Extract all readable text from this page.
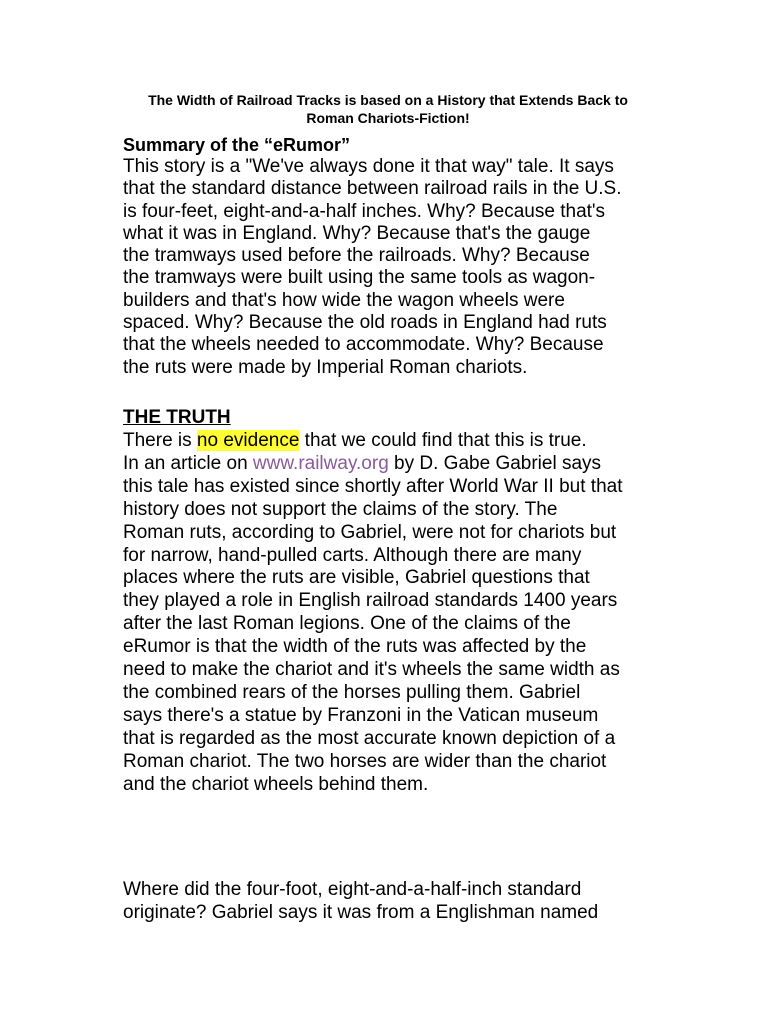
The Width of Railroad Tracks is based on a History that Extends Back to
Roman Chariots-Fiction!
Summary of the “eRumor”
This story is a "We've always done it that way" tale. It says
that the standard distance between railroad rails in the U.S.
is four-feet, eight-and-a-half inches. Why? Because that's
what it was in England. Why? Because that's the gauge
the tramways used before the railroads. Why? Because
the tramways were built using the same tools as wagon-
builders and that's how wide the wagon wheels were
spaced. Why? Because the old roads in England had ruts
that the wheels needed to accommodate. Why? Because
the ruts were made by Imperial Roman chariots.
THE TRUTH
There is no evidence that we could find that this is true.
In an article on www.railway.org by D. Gabe Gabriel says
this tale has existed since shortly after World War II but that
history does not support the claims of the story. The
Roman ruts, according to Gabriel, were not for chariots but
for narrow, hand-pulled carts. Although there are many
places where the ruts are visible, Gabriel questions that
they played a role in English railroad standards 1400 years
after the last Roman legions. One of the claims of the
eRumor is that the width of the ruts was affected by the
need to make the chariot and it's wheels the same width as
the combined rears of the horses pulling them. Gabriel
says there's a statue by Franzoni in the Vatican museum
that is regarded as the most accurate known depiction of a
Roman chariot. The two horses are wider than the chariot
and the chariot wheels behind them.
Where did the four-foot, eight-and-a-half-inch standard
originate? Gabriel says it was from a Englishman named
